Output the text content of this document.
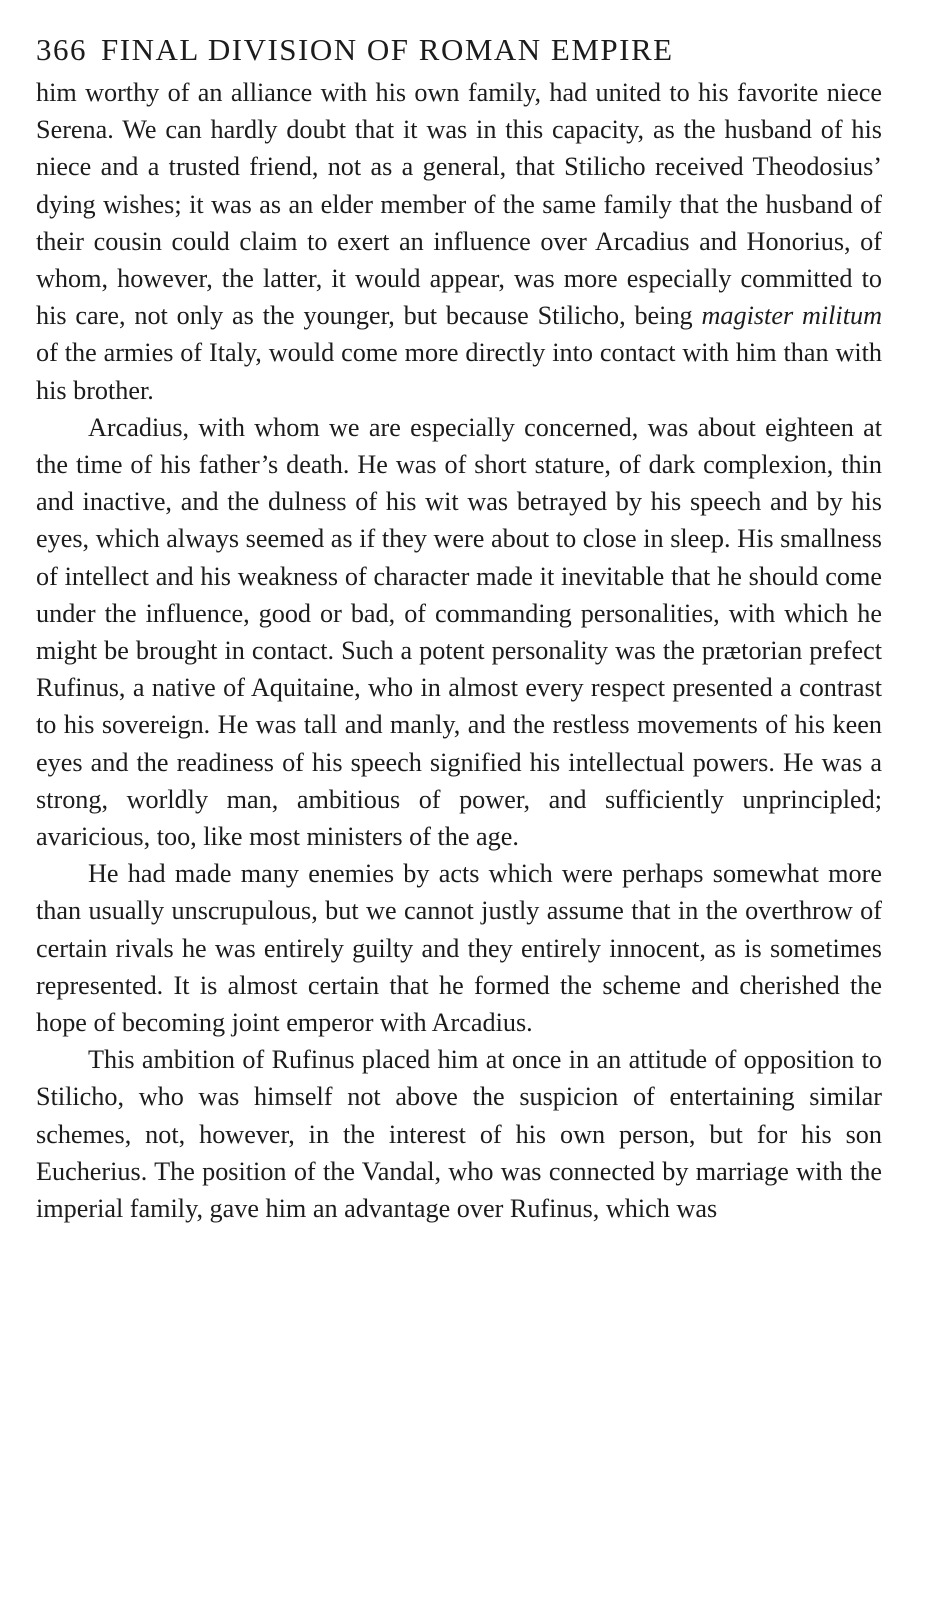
366 FINAL DIVISION OF ROMAN EMPIRE

him worthy of an alliance with his own family, had united to his favorite niece Serena. We can hardly doubt that it was in this capacity, as the husband of his niece and a trusted friend, not as a general, that Stilicho received Theodosius’ dying wishes; it was as an elder member of the same family that the husband of their cousin could claim to exert an influence over Arcadius and Honorius, of whom, however, the latter, it would appear, was more especially committed to his care, not only as the younger, but because Stilicho, being magister militum of the armies of Italy, would come more directly into contact with him than with his brother.

Arcadius, with whom we are especially concerned, was about eighteen at the time of his father’s death. He was of short stature, of dark complexion, thin and inactive, and the dulness of his wit was betrayed by his speech and by his eyes, which always seemed as if they were about to close in sleep. His smallness of intellect and his weakness of character made it inevitable that he should come under the influence, good or bad, of commanding personalities, with which he might be brought in contact. Such a potent personality was the prætorian prefect Rufinus, a native of Aquitaine, who in almost every respect presented a contrast to his sovereign. He was tall and manly, and the restless movements of his keen eyes and the readiness of his speech signified his intellectual powers. He was a strong, worldly man, ambitious of power, and sufficiently unprincipled; avaricious, too, like most ministers of the age.

He had made many enemies by acts which were perhaps somewhat more than usually unscrupulous, but we cannot justly assume that in the overthrow of certain rivals he was entirely guilty and they entirely innocent, as is sometimes represented. It is almost certain that he formed the scheme and cherished the hope of becoming joint emperor with Arcadius.

This ambition of Rufinus placed him at once in an attitude of opposition to Stilicho, who was himself not above the suspicion of entertaining similar schemes, not, however, in the interest of his own person, but for his son Eucherius. The position of the Vandal, who was connected by marriage with the imperial family, gave him an advantage over Rufinus, which was
